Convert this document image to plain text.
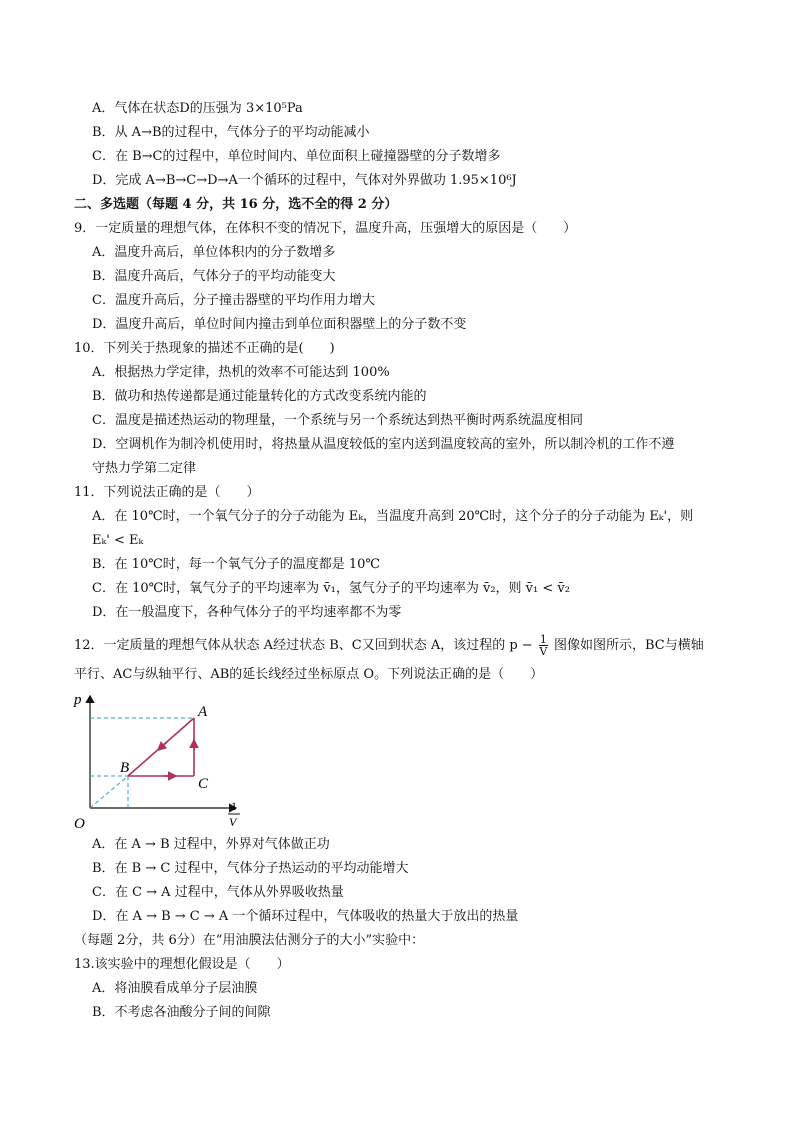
A．气体在状态D的压强为 3×10⁵Pa
B．从 A→B的过程中，气体分子的平均动能减小
C．在 B→C的过程中，单位时间内、单位面积上碰撞器壁的分子数增多
D．完成 A→B→C→D→A一个循环的过程中，气体对外界做功 1.95×10⁶J
二、多选题（每题 4 分，共 16 分，选不全的得 2 分）
9．一定质量的理想气体，在体积不变的情况下，温度升高，压强增大的原因是（　　）
A．温度升高后，单位体积内的分子数增多
B．温度升高后，气体分子的平均动能变大
C．温度升高后，分子撞击器壁的平均作用力增大
D．温度升高后，单位时间内撞击到单位面积器壁上的分子数不变
10．下列关于热现象的描述不正确的是(　　)
A．根据热力学定律，热机的效率不可能达到 100%
B．做功和热传递都是通过能量转化的方式改变系统内能的
C．温度是描述热运动的物理量，一个系统与另一个系统达到热平衡时两系统温度相同
D．空调机作为制冷机使用时，将热量从温度较低的室内送到温度较高的室外，所以制冷机的工作不遵
守热力学第二定律
11．下列说法正确的是（　　）
A．在 10℃时，一个氧气分子的分子动能为 Eₖ，当温度升高到 20℃时，这个分子的分子动能为 Eₖ'，则
Eₖ' < Eₖ
B．在 10℃时，每一个氧气分子的温度都是 10℃
C．在 10℃时，氧气分子的平均速率为 v̄₁，氢气分子的平均速率为 v̄₂，则 v̄₁ < v̄₂
D．在一般温度下，各种气体分子的平均速率都不为零
12．一定质量的理想气体从状态 A经过状态 B、C又回到状态 A，该过程的 $p - \frac{1}{V}$ 图像如图所示，BC与横轴
平行、AC与纵轴平行、AB的延长线经过坐标原点 O。下列说法正确的是（　　）
p
O
A
B
C
1
V
A．在 A → B 过程中，外界对气体做正功
B．在 B → C 过程中，气体分子热运动的平均动能增大
C．在 C → A 过程中，气体从外界吸收热量
D．在 A → B → C → A 一个循环过程中，气体吸收的热量大于放出的热量
（每题 2分，共 6分）在“用油膜法估测分子的大小”实验中：
13.该实验中的理想化假设是（　　）
A．将油膜看成单分子层油膜
B．不考虑各油酸分子间的间隙
